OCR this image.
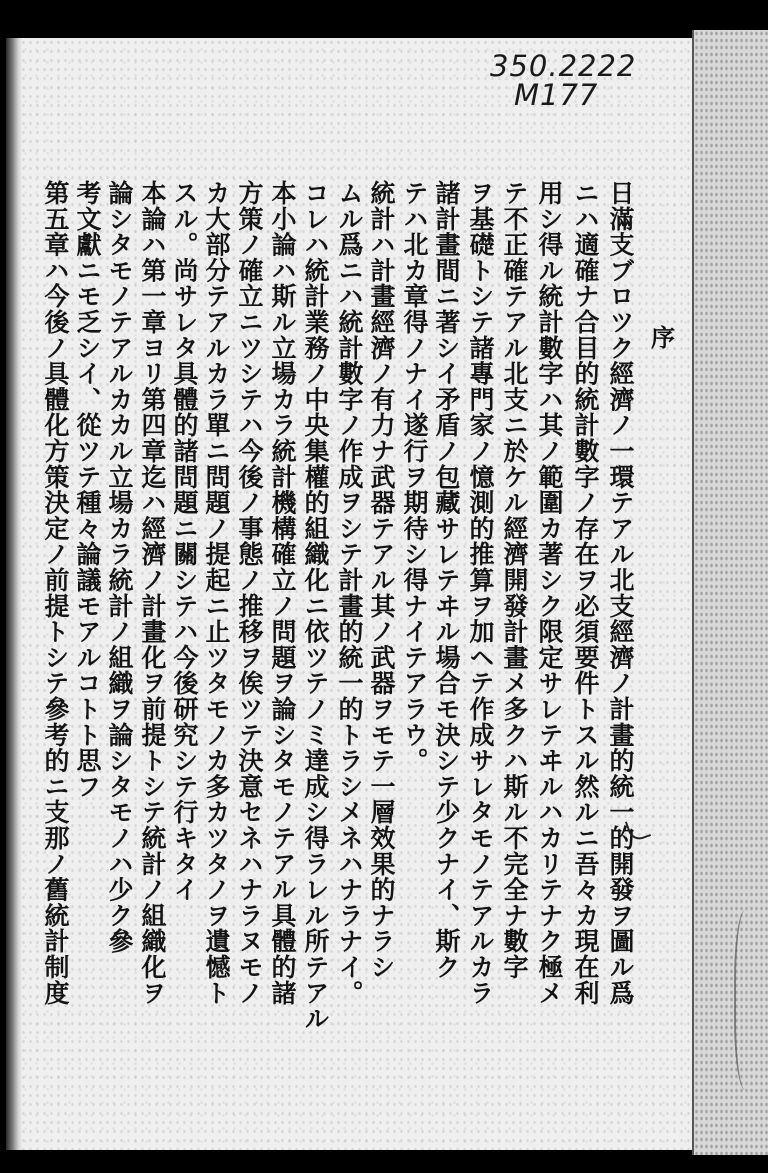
350.2222
M177
序
日滿支ブロツク經濟ノ一環テアル北支經濟ノ計畫的統一的開發ヲ圖ル爲
ニハ適確ナ合目的統計數字ノ存在ヲ必須要件トスル然ルニ吾々カ現在利
用シ得ル統計數字ハ其ノ範圍カ著シク限定サレテヰルハカリテナク極メ
テ不正確テアル北支ニ於ケル經濟開發計畫メ多クハ斯ル不完全ナ數字
ヲ基礎トシテ諸專門家ノ憶測的推算ヲ加ヘテ作成サレタモノテアルカラ
諸計畫間ニ著シイ矛盾ノ包藏サレテヰル場合モ決シテ少クナイ、斯ク
テハ北カ章得ノナイ遂行ヲ期待シ得ナイテアラウ。
統計ハ計畫經濟ノ有力ナ武器テアル其ノ武器ヲモテ一層效果的ナラシ
ムル爲ニハ統計數字ノ作成ヲシテ計畫的統一的トラシメネハナラナイ。
コレハ統計業務ノ中央集權的組織化ニ依ツテノミ達成シ得ラレル所テアル
本小論ハ斯ル立場カラ統計機構確立ノ問題ヲ論シタモノテアル具體的諸
方策ノ確立ニツシテハ今後ノ事態ノ推移ヲ俟ツテ決意セネハナラヌモノ
カ大部分テアルカラ單ニ問題ノ提起ニ止ツタモノカ多カツタノヲ遺憾ト
スル。尚サレタ具體的諸問題ニ關シテハ今後研究シテ行キタイ
本論ハ第一章ヨリ第四章迄ハ經濟ノ計畫化ヲ前提トシテ統計ノ組織化ヲ
論シタモノテアルカカル立場カラ統計ノ組織ヲ論シタモノハ少ク參
考文獻ニモ乏シイ、從ツテ種々論議モアルコトト思フ
第五章ハ今後ノ具體化方策決定ノ前提トシテ參考的ニ支那ノ舊統計制度
